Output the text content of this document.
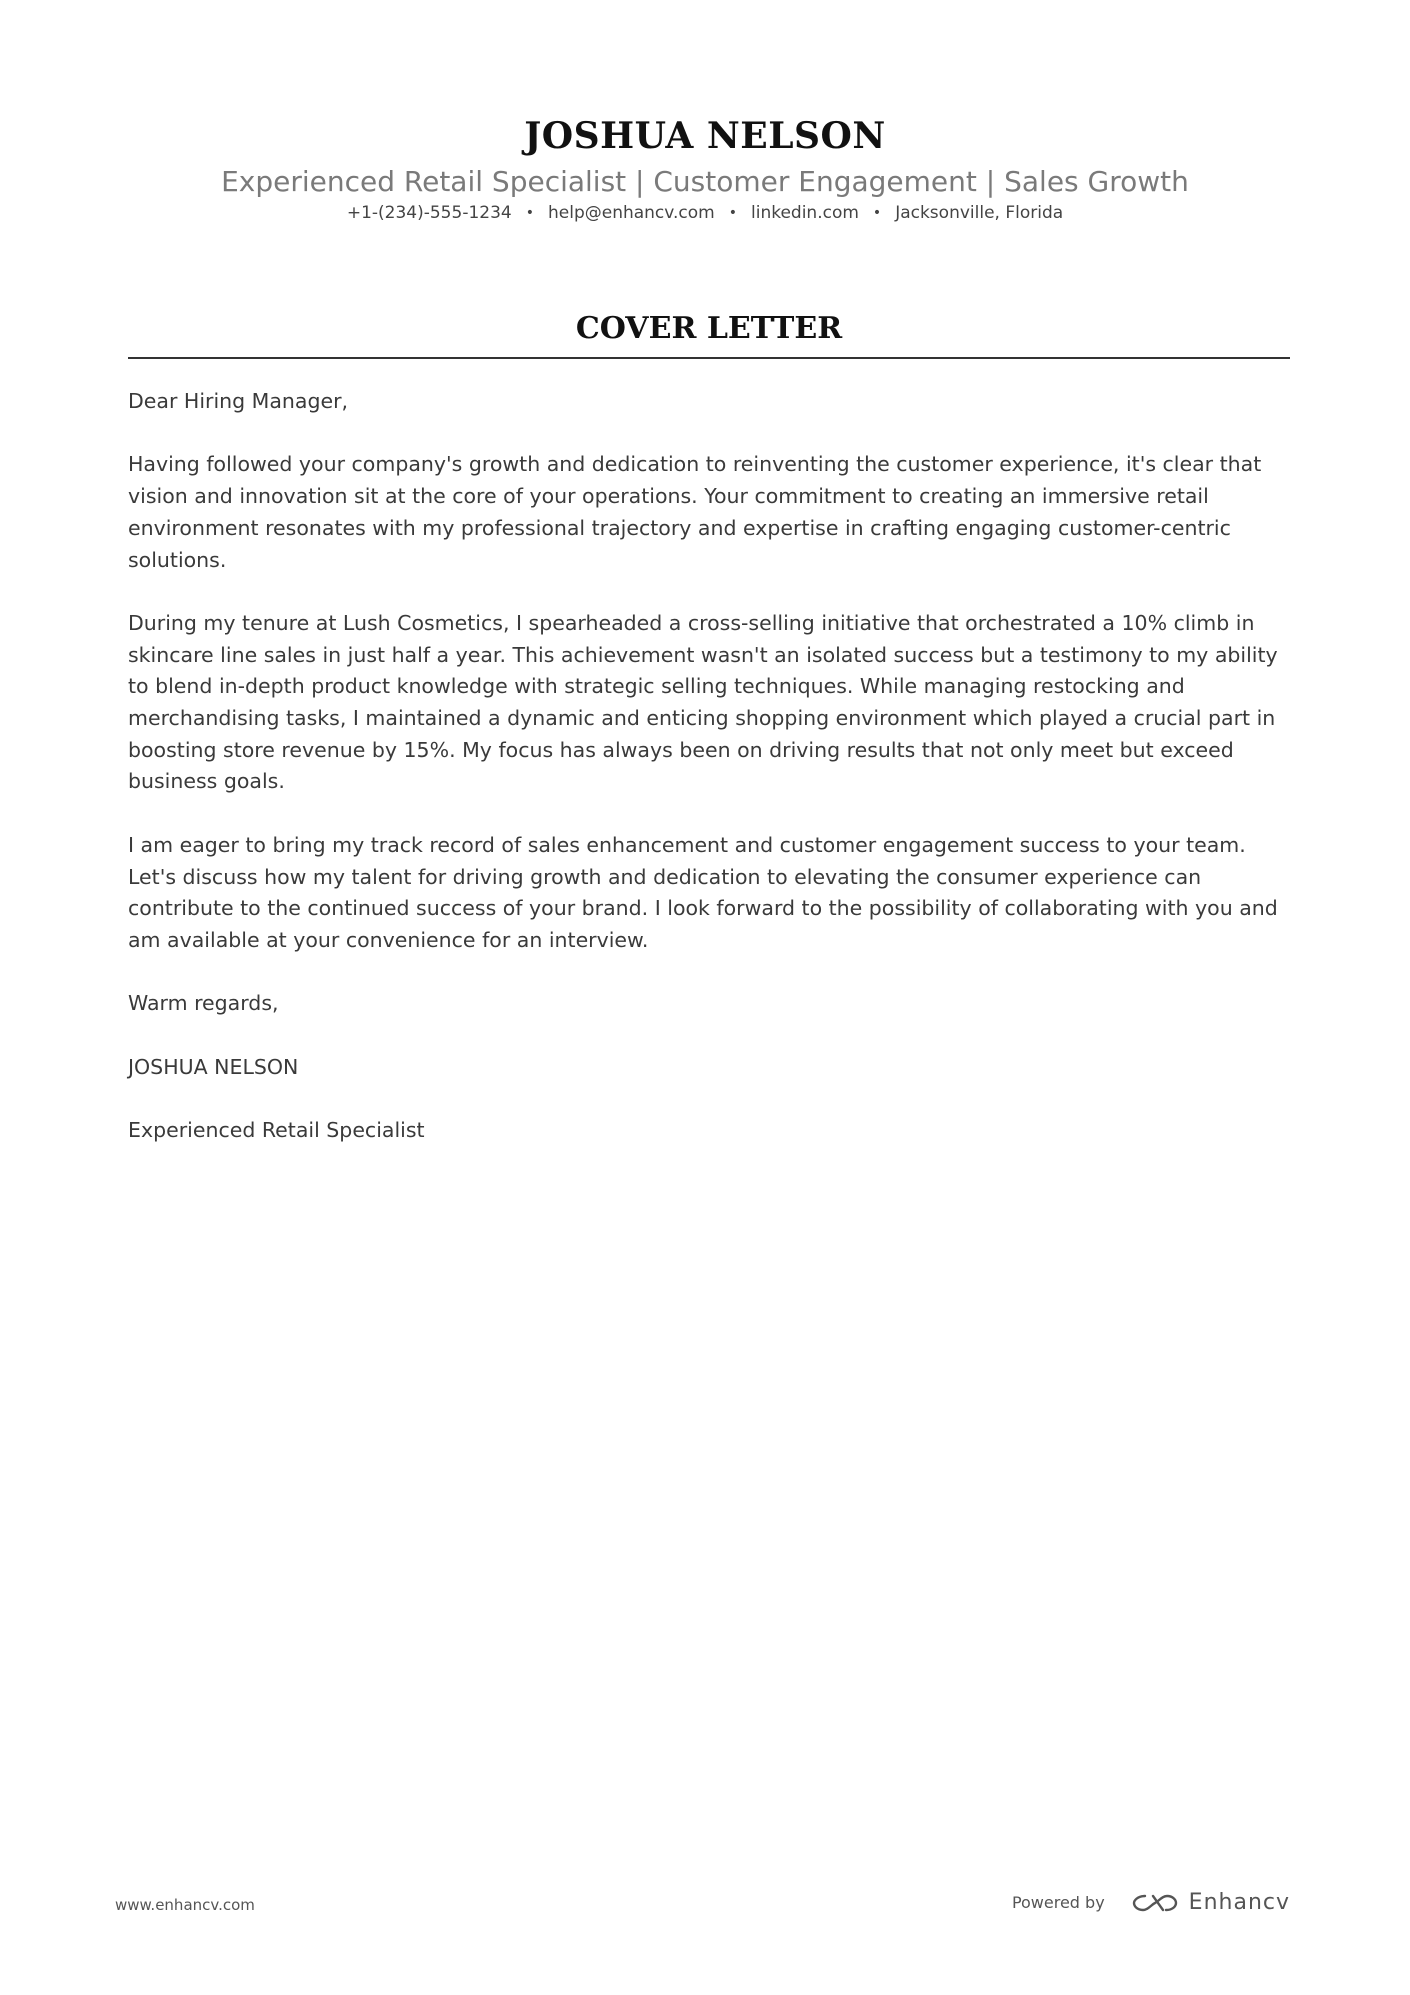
JOSHUA NELSON
Experienced Retail Specialist | Customer Engagement | Sales Growth
+1-(234)-555-1234 • help@enhancv.com • linkedin.com • Jacksonville, Florida
COVER LETTER

Dear Hiring Manager,

Having followed your company's growth and dedication to reinventing the customer experience, it's clear that vision and innovation sit at the core of your operations. Your commitment to creating an immersive retail environment resonates with my professional trajectory and expertise in crafting engaging customer-centric solutions.

During my tenure at Lush Cosmetics, I spearheaded a cross-selling initiative that orchestrated a 10% climb in skincare line sales in just half a year. This achievement wasn't an isolated success but a testimony to my ability to blend in-depth product knowledge with strategic selling techniques. While managing restocking and merchandising tasks, I maintained a dynamic and enticing shopping environment which played a crucial part in boosting store revenue by 15%. My focus has always been on driving results that not only meet but exceed business goals.

I am eager to bring my track record of sales enhancement and customer engagement success to your team. Let's discuss how my talent for driving growth and dedication to elevating the consumer experience can contribute to the continued success of your brand. I look forward to the possibility of collaborating with you and am available at your convenience for an interview.

Warm regards,

JOSHUA NELSON

Experienced Retail Specialist

www.enhancv.com	Powered by	Enhancv
